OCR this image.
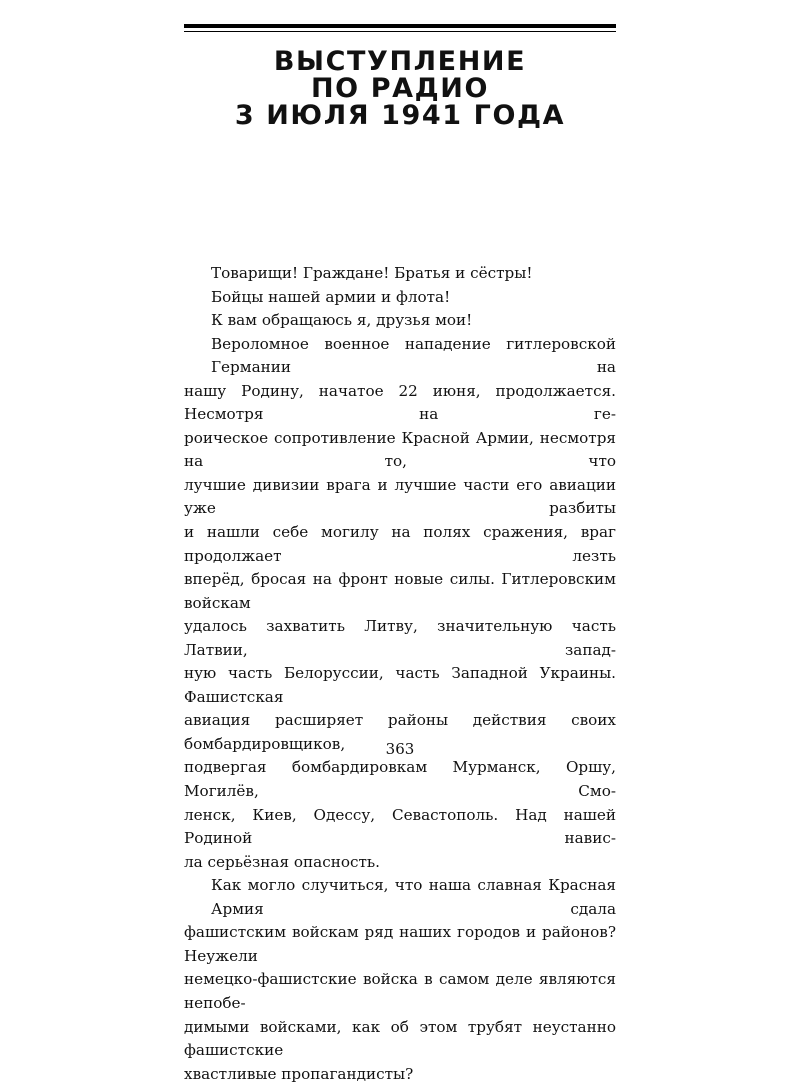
ВЫСТУПЛЕНИЕ
ПО РАДИО
3 ИЮЛЯ 1941 ГОДА

Товарищи! Граждане! Братья и сёстры!

Бойцы нашей армии и флота!

К вам обращаюсь я, друзья мои!

Вероломное военное нападение гитлеровской Германии на
нашу Родину, начатое 22 июня, продолжается. Несмотря на ге-
роическое сопротивление Красной Армии, несмотря на то, что
лучшие дивизии врага и лучшие части его авиации уже разбиты
и нашли себе могилу на полях сражения, враг продолжает лезть
вперёд, бросая на фронт новые силы. Гитлеровским войскам
удалось захватить Литву, значительную часть Латвии, запад-
ную часть Белоруссии, часть Западной Украины. Фашистская
авиация расширяет районы действия своих бомбардировщиков,
подвергая бомбардировкам Мурманск, Оршу, Могилёв, Смо-
ленск, Киев, Одессу, Севастополь. Над нашей Родиной навис-
ла серьёзная опасность.
Как могло случиться, что наша славная Красная Армия сдала
фашистским войскам ряд наших городов и районов? Неужели
немецко-фашистские войска в самом деле являются непобе-
димыми войсками, как об этом трубят неустанно фашистские
хвастливые пропагандисты?
363
